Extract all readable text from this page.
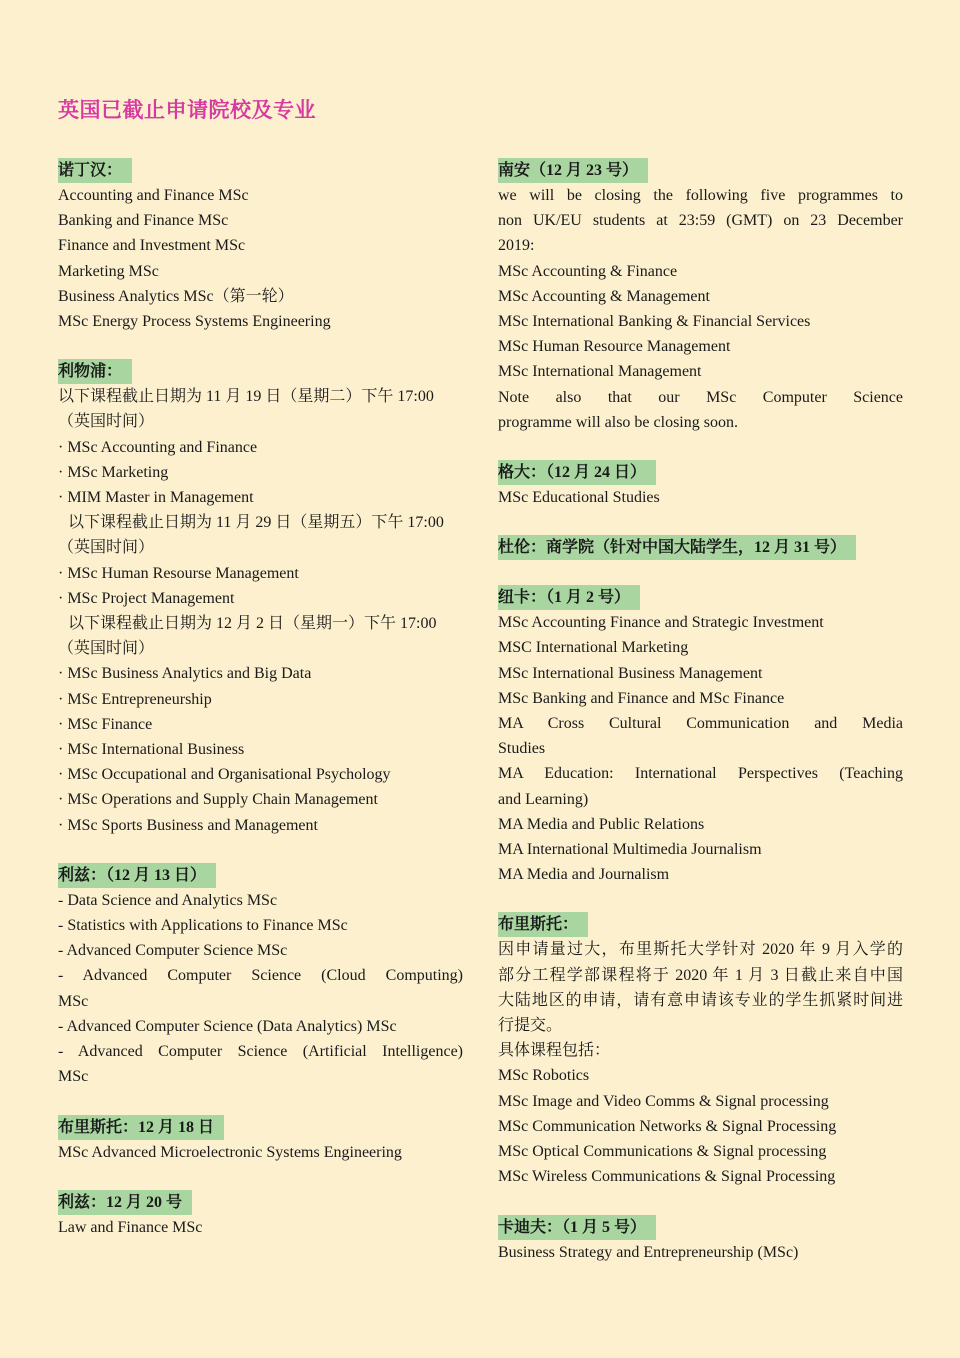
英国已截止申请院校及专业
诺丁汉：
Accounting and Finance MSc
Banking and Finance MSc
Finance and Investment MSc
Marketing MSc
Business Analytics MSc（第一轮）
MSc Energy Process Systems Engineering
利物浦：
以下课程截止日期为 11 月 19 日（星期二）下午 17:00
（英国时间）
· MSc Accounting and Finance
· MSc Marketing
· MIM Master in Management
以下课程截止日期为 11 月 29 日（星期五）下午 17:00
（英国时间）
· MSc Human Resourse Management
· MSc Project Management
以下课程截止日期为 12 月 2 日（星期一）下午 17:00
（英国时间）
· MSc Business Analytics and Big Data
· MSc Entrepreneurship
· MSc Finance
· MSc International Business
· MSc Occupational and Organisational Psychology
· MSc Operations and Supply Chain Management
· MSc Sports Business and Management
利兹：（12 月 13 日）
- Data Science and Analytics MSc
- Statistics with Applications to Finance MSc
- Advanced Computer Science MSc
- Advanced Computer Science (Cloud Computing)
MSc
- Advanced Computer Science (Data Analytics) MSc
- Advanced Computer Science (Artificial Intelligence)
MSc
布里斯托：12 月 18 日
MSc Advanced Microelectronic Systems Engineering
利兹：12 月 20 号
Law and Finance MSc
南安（12 月 23 号）
we will be closing the following five programmes to
non UK/EU students at 23:59 (GMT) on 23 December
2019:
MSc Accounting & Finance
MSc Accounting & Management
MSc International Banking & Financial Services
MSc Human Resource Management
MSc International Management
Note also that our MSc Computer Science
programme will also be closing soon.
格大：（12 月 24 日）
MSc Educational Studies
杜伦：商学院（针对中国大陆学生，12 月 31 号）
纽卡：（1 月 2 号）
MSc Accounting Finance and Strategic Investment
MSC International Marketing
MSc International Business Management
MSc Banking and Finance and MSc Finance
MA Cross Cultural Communication and Media
Studies
MA Education: International Perspectives (Teaching
and Learning)
MA Media and Public Relations
MA International Multimedia Journalism
MA Media and Journalism
布里斯托：
因申请量过大，布里斯托大学针对 2020 年 9 月入学的
部分工程学部课程将于 2020 年 1 月 3 日截止来自中国
大陆地区的申请，请有意申请该专业的学生抓紧时间进
行提交。
具体课程包括：
MSc Robotics
MSc Image and Video Comms & Signal processing
MSc Communication Networks & Signal Processing
MSc Optical Communications & Signal processing
MSc Wireless Communications & Signal Processing
卡迪夫：（1 月 5 号）
Business Strategy and Entrepreneurship (MSc)
